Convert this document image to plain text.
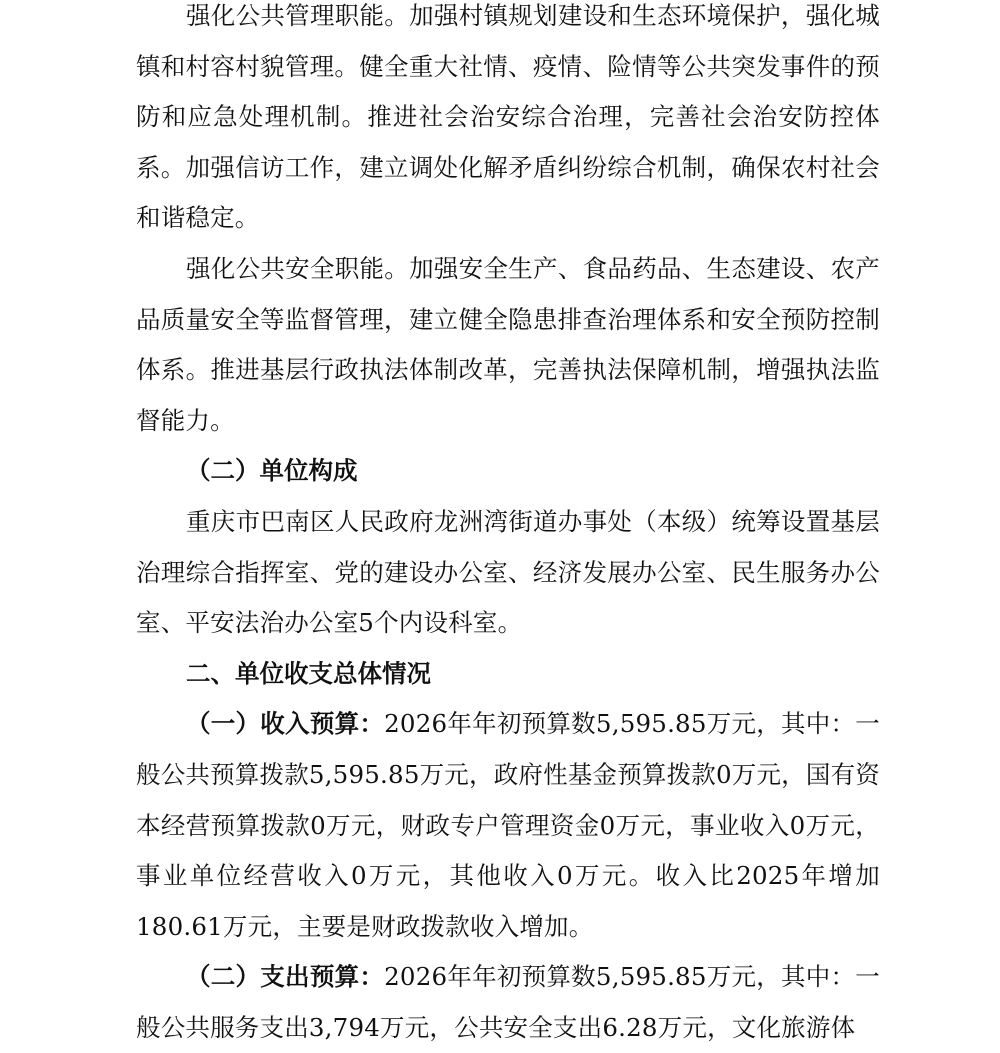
强化公共管理职能。加强村镇规划建设和生态环境保护，强化城镇和村容村貌管理。健全重大社情、疫情、险情等公共突发事件的预防和应急处理机制。推进社会治安综合治理，完善社会治安防控体系。加强信访工作，建立调处化解矛盾纠纷综合机制，确保农村社会和谐稳定。

强化公共安全职能。加强安全生产、食品药品、生态建设、农产品质量安全等监督管理，建立健全隐患排查治理体系和安全预防控制体系。推进基层行政执法体制改革，完善执法保障机制，增强执法监督能力。

（二）单位构成

重庆市巴南区人民政府龙洲湾街道办事处（本级）统筹设置基层治理综合指挥室、党的建设办公室、经济发展办公室、民生服务办公室、平安法治办公室5个内设科室。

二、单位收支总体情况

（一）收入预算：2026年年初预算数5,595.85万元，其中：一般公共预算拨款5,595.85万元，政府性基金预算拨款0万元，国有资本经营预算拨款0万元，财政专户管理资金0万元，事业收入0万元，事业单位经营收入0万元，其他收入0万元。收入比2025年增加180.61万元，主要是财政拨款收入增加。

（二）支出预算：2026年年初预算数5,595.85万元，其中：一般公共服务支出3,794万元，公共安全支出6.28万元，文化旅游体
